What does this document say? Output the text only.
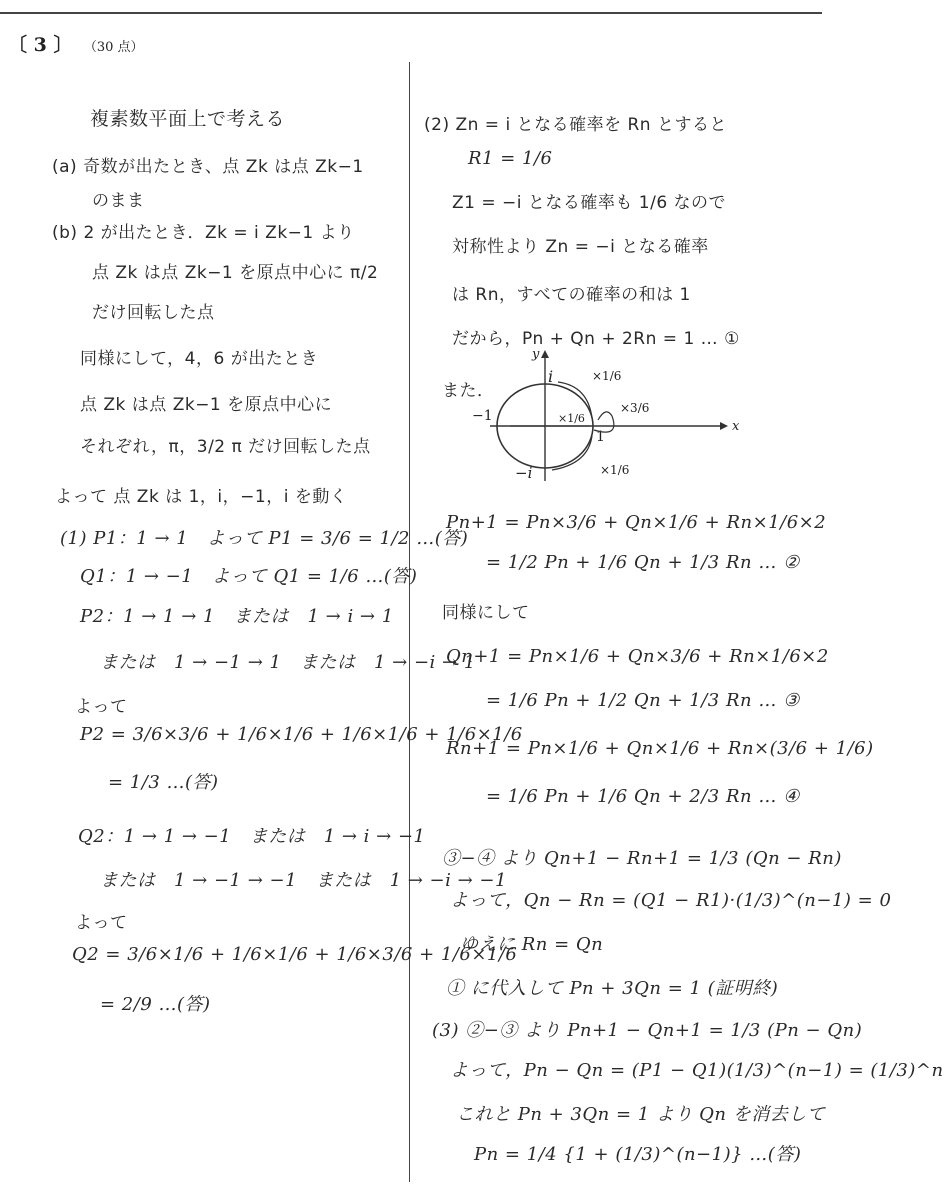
〔 3 〕 （30 点）
複素数平面上で考える
(a) 奇数が出たとき、点 Zk は点 Zk−1
のまま
(b) 2 が出たとき．Zk = i Zk−1 より
点 Zk は点 Zk−1 を原点中心に π/2
だけ回転した点
同様にして，4，6 が出たとき
点 Zk は点 Zk−1 を原点中心に
それぞれ，π，3/2 π だけ回転した点
よって 点 Zk は 1，i，−1，i を動く
(1) P1：1 → 1　よって P1 = 3/6 = 1/2 …(答)
Q1：1 → −1　よって Q1 = 1/6 …(答)
P2：1 → 1 → 1　または　1 → i → 1
または　1 → −1 → 1　または　1 → −i → 1
よって
P2 = 3/6×3/6 + 1/6×1/6 + 1/6×1/6 + 1/6×1/6
= 1/3 …(答)
Q2：1 → 1 → −1　または　1 → i → −1
または　1 → −1 → −1　または　1 → −i → −1
よって
Q2 = 3/6×1/6 + 1/6×1/6 + 1/6×3/6 + 1/6×1/6
= 2/9 …(答)
(2) Zn = i となる確率を Rn とすると
R1 = 1/6
Z1 = −i となる確率も 1/6 なので
対称性より Zn = −i となる確率
は Rn，すべての確率の和は 1
だから，Pn + Qn + 2Rn = 1 … ①
また．
x
y
i
−i
−1
1
×1/6
×3/6
×1/6
×1/6
Pn+1 = Pn×3/6 + Qn×1/6 + Rn×1/6×2
= 1/2 Pn + 1/6 Qn + 1/3 Rn … ②
同様にして
Qn+1 = Pn×1/6 + Qn×3/6 + Rn×1/6×2
= 1/6 Pn + 1/2 Qn + 1/3 Rn … ③
Rn+1 = Pn×1/6 + Qn×1/6 + Rn×(3/6 + 1/6)
= 1/6 Pn + 1/6 Qn + 2/3 Rn … ④
③−④ より Qn+1 − Rn+1 = 1/3 (Qn − Rn)
よって，Qn − Rn = (Q1 − R1)·(1/3)^(n−1) = 0
ゆえに Rn = Qn
① に代入して Pn + 3Qn = 1 (証明終)
(3) ②−③ より Pn+1 − Qn+1 = 1/3 (Pn − Qn)
よって，Pn − Qn = (P1 − Q1)(1/3)^(n−1) = (1/3)^n
これと Pn + 3Qn = 1 より Qn を消去して
Pn = 1/4 {1 + (1/3)^(n−1)} …(答)
